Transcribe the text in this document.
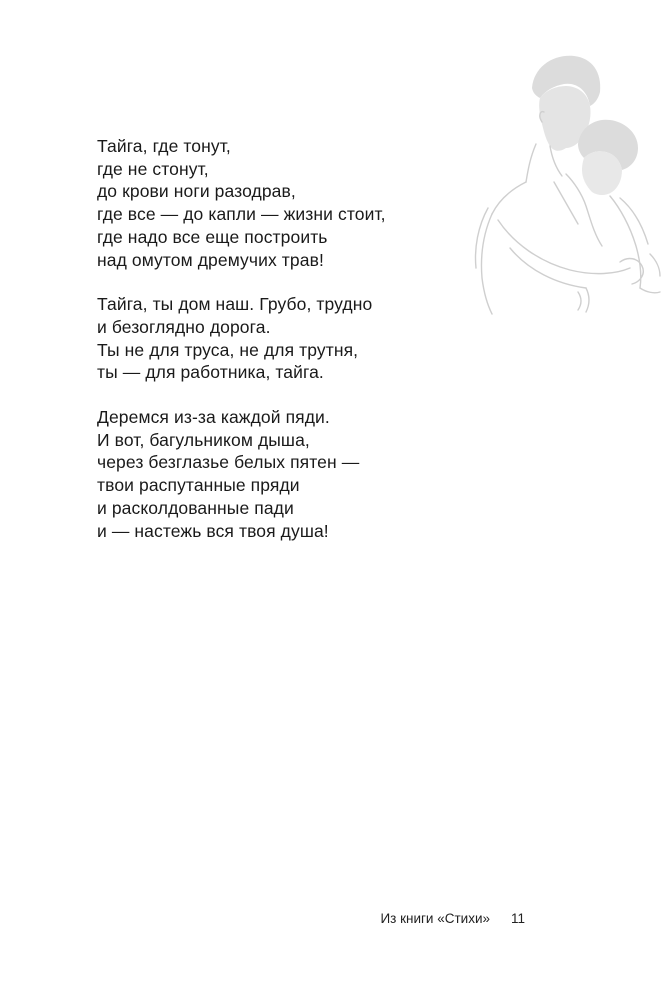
Тайга, где тонут,
где не стонут,
до крови ноги разодрав,
где все — до капли — жизни стоит,
где надо все еще построить
над омутом дремучих трав!
Тайга, ты дом наш. Грубо, трудно
и безоглядно дорога.
Ты не для труса, не для трутня,
ты — для работника, тайга.
Деремся из-за каждой пяди.
И вот, багульником дыша,
через безглазье белых пятен —
твои распутанные пряди
и расколдованные пади
и — настежь вся твоя душа!
Из книги «Стихи» 11
